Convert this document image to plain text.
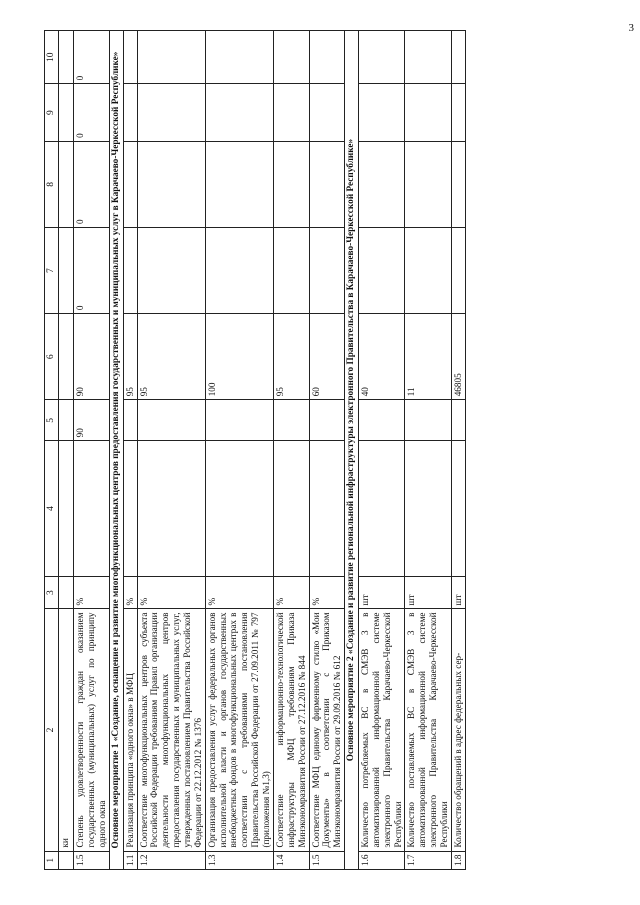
3
1	2	3	4	5	6	7	8	9	10
	ки								
1.5	Степень удовлетворенности граждан оказанием государственных (муниципальных) услуг по принципу одного окна	%		90	90	0	0	0	0
Основное мероприятие 1 «Создание, оснащение и развитие многофункциональных центров предоставления государственных и муниципальных услуг в Карачаево-Черкесской Республике»									
1.1	Реализация принципа «одного окна» в МФЦ	%			95				
1.2	Соответствие многофункциональных центров субъекта Российской Федерации требованиям Правил организации деятельности многофункциональных центров предоставления государственных и муниципальных услуг, утвержденных постановлением Правительства Российской Федерации от 22.12.2012 № 1376	%			95				
1.3	Организация предоставления услуг федеральных органов исполнительной власти и органов государственных внебюджетных фондов в многофункциональных центрах в соответствии с требованиями постановления Правительства Российской Федерации от 27.09.2011 № 797 (приложения №1,3)	%			100				
1.4	Соответствие информационно-технологической инфраструктуры МФЦ требованиям Приказа Минэкономразвития России от 27.12.2016 № 844	%			95				
1.5	Соответствие МФЦ единому фирменному стилю «Мои Документы» в соответствии с Приказом Минэкономразвития России от 29.09.2016 № 612	%			60				
Основное мероприятие 2 «Создание и развитие региональной инфраструктуры электронного Правительства в Карачаево-Черкесской Республике»									
1.6	Количество потребляемых ВС в СМЭВ 3 в автоматизированной информационной системе электронного Правительства Карачаево-Черкесской Республики	шт			40				
1.7	Количество поставляемых ВС в СМЭВ 3 в автоматизированной информационной системе электронного Правительства Карачаево-Черкесской Республики	шт			11				
1.8	Количество обращений в адрес федеральных сер-	шт			46805				
